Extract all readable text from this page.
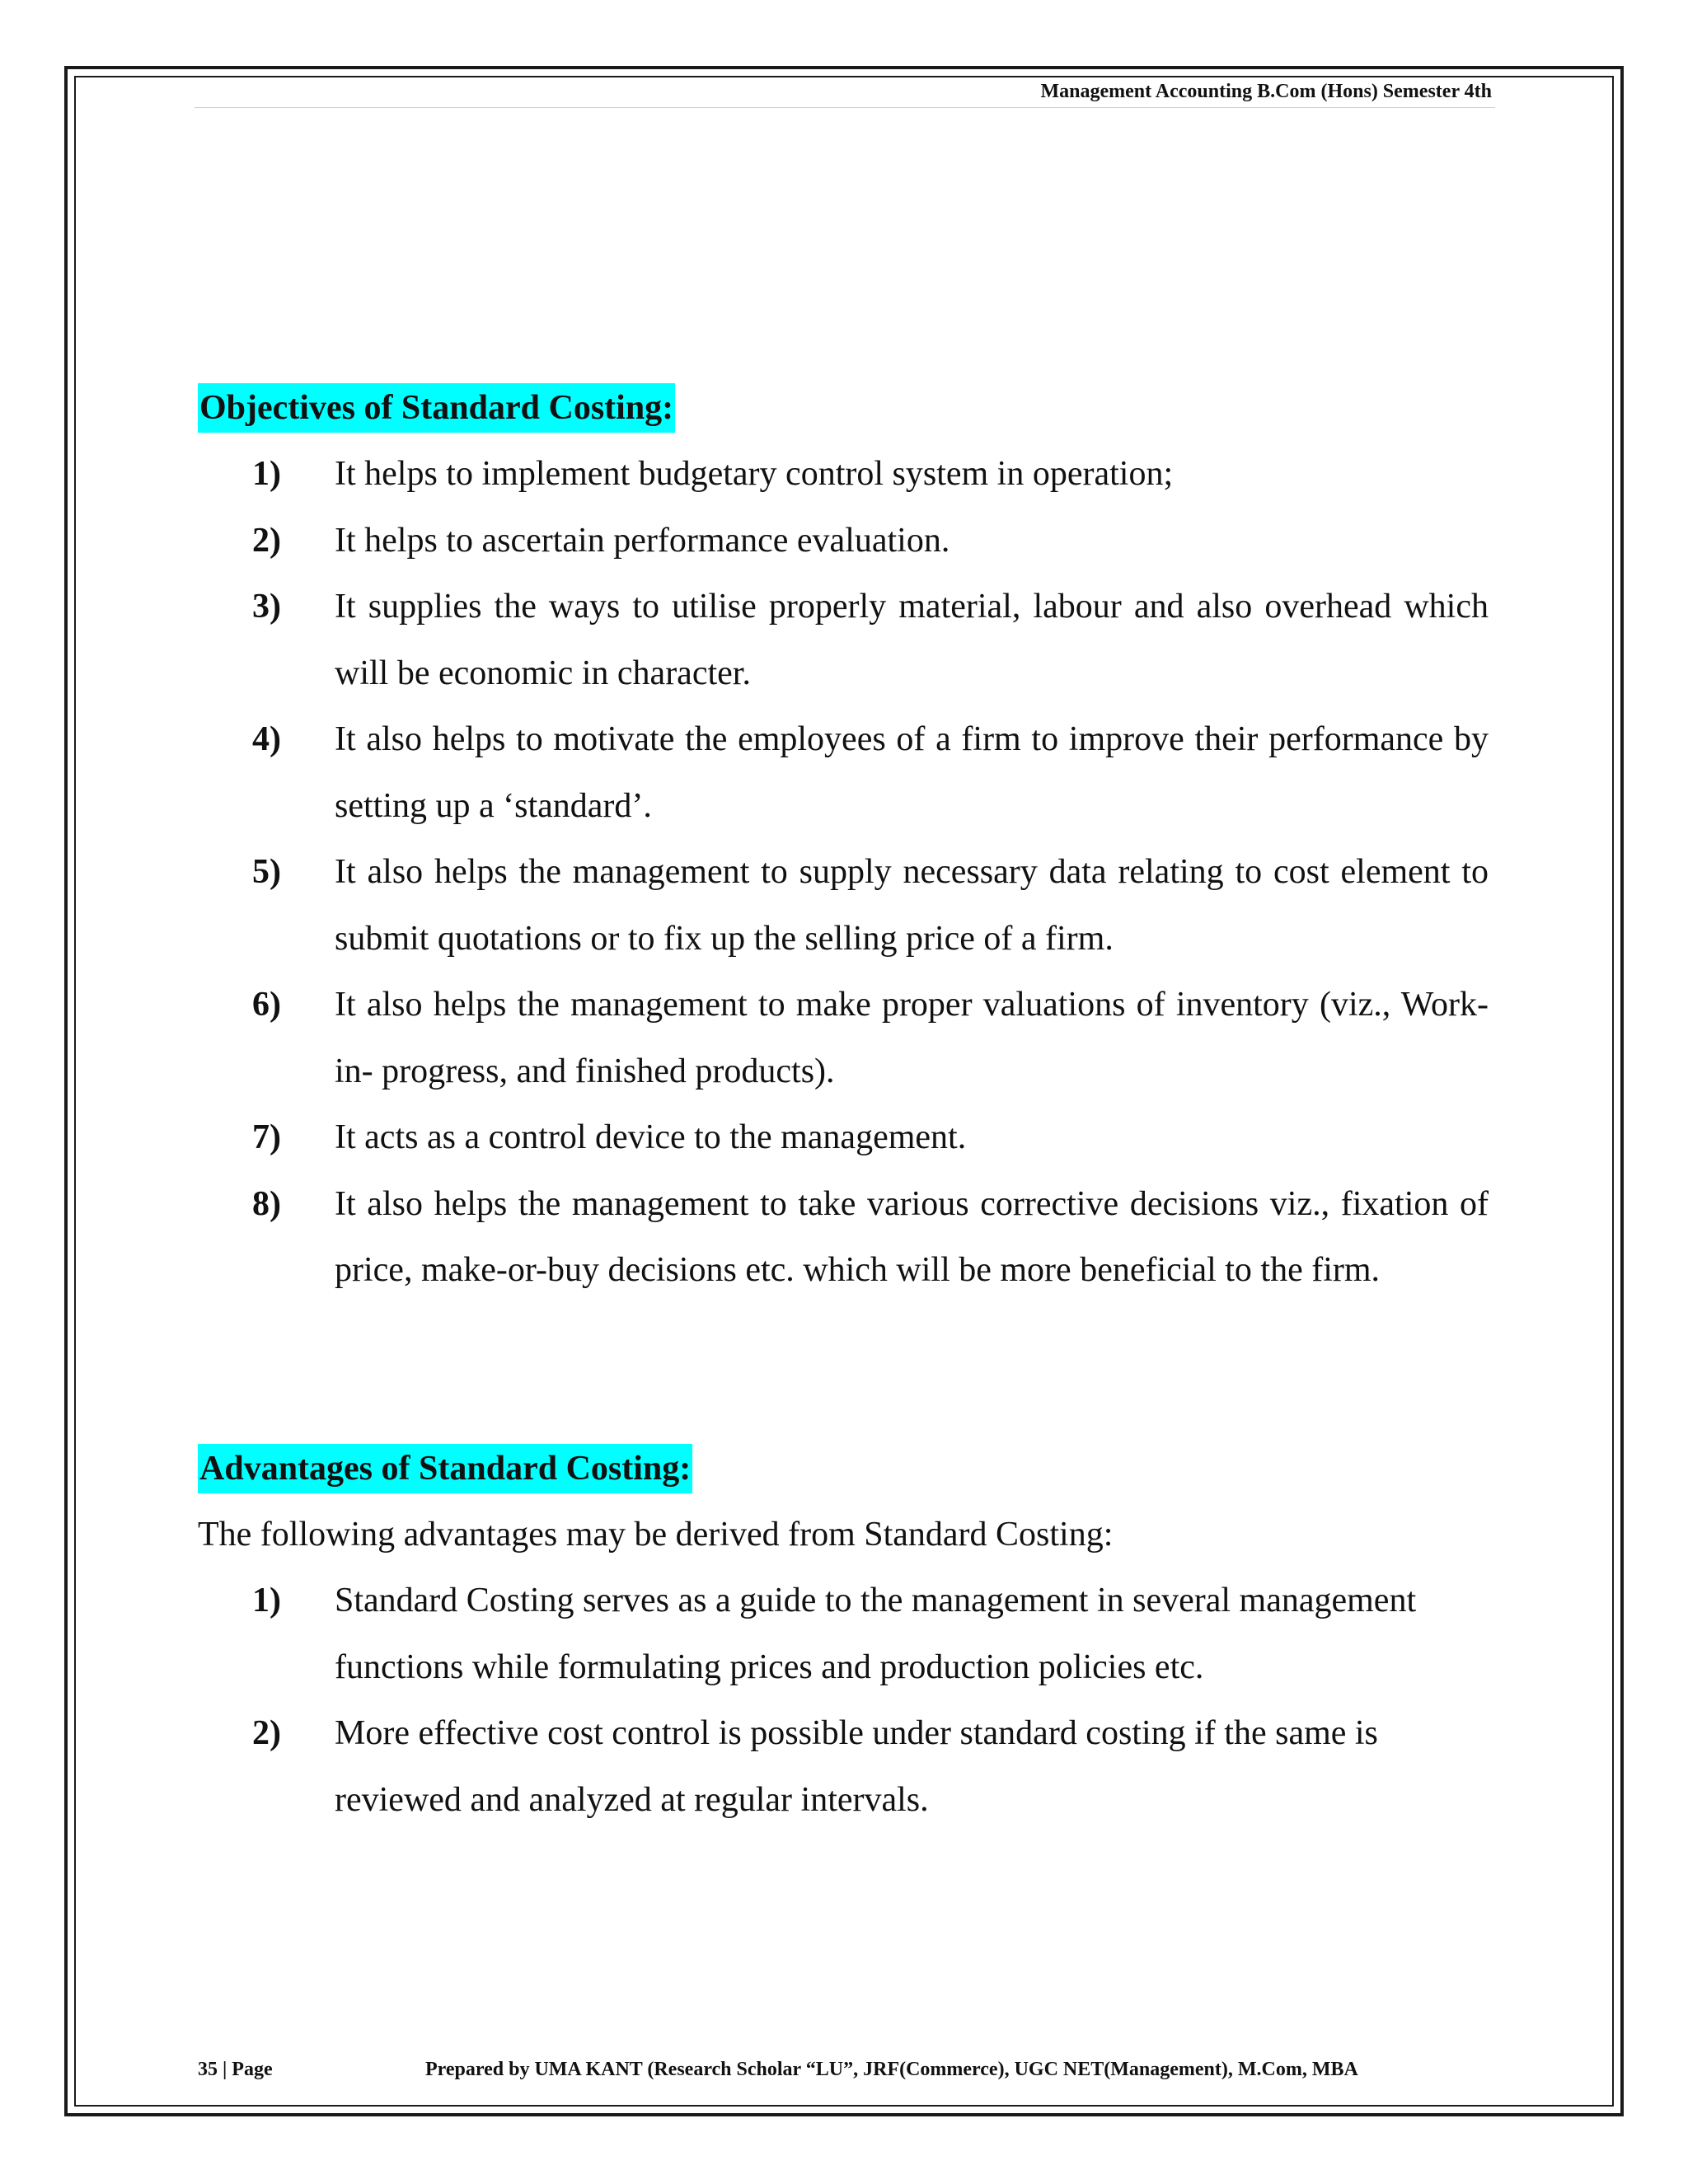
Management Accounting B.Com (Hons) Semester 4th
Objectives of Standard Costing:
1) It helps to implement budgetary control system in operation;
2) It helps to ascertain performance evaluation.
3) It supplies the ways to utilise properly material, labour and also overhead which will be economic in character.
4) It also helps to motivate the employees of a firm to improve their performance by setting up a ‘standard’.
5) It also helps the management to supply necessary data relating to cost element to submit quotations or to fix up the selling price of a firm.
6) It also helps the management to make proper valuations of inventory (viz., Work-in- progress, and finished products).
7) It acts as a control device to the management.
8) It also helps the management to take various corrective decisions viz., fixation of price, make-or-buy decisions etc. which will be more beneficial to the firm.
Advantages of Standard Costing:
The following advantages may be derived from Standard Costing:
1) Standard Costing serves as a guide to the management in several management functions while formulating prices and production policies etc.
2) More effective cost control is possible under standard costing if the same is reviewed and analyzed at regular intervals.
35 | Page	Prepared by UMA KANT (Research Scholar “LU”, JRF(Commerce), UGC NET(Management), M.Com, MBA
